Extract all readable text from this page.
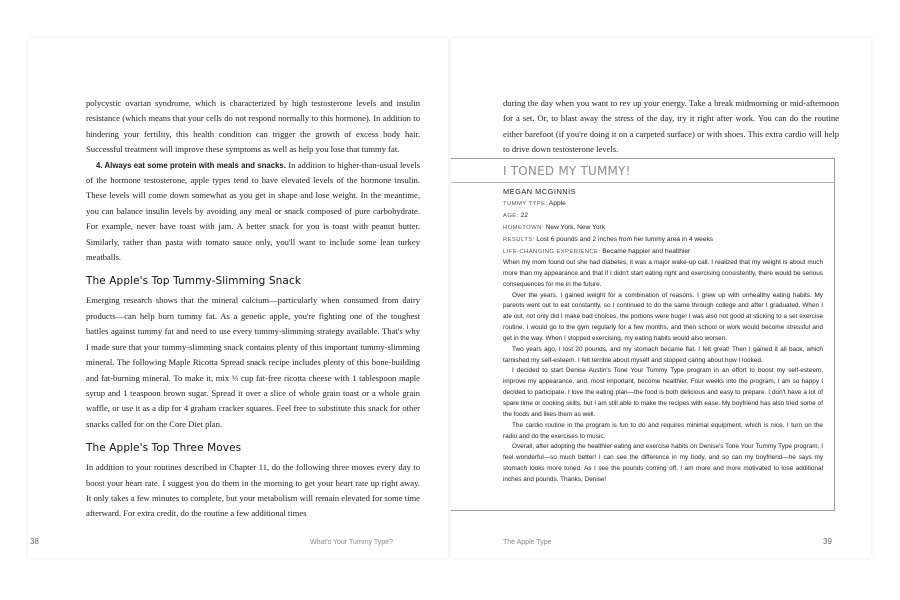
polycystic ovarian syndrome, which is characterized by high testosterone levels and insulin resistance (which means that your cells do not respond normally to this hormone). In addition to hindering your fertility, this health condition can trigger the growth of excess body hair. Successful treatment will improve these symptoms as well as help you lose that tummy fat.

4. Always eat some protein with meals and snacks. In addition to higher-than-usual levels of the hormone testosterone, apple types tend to have elevated levels of the hormone insulin. These levels will come down somewhat as you get in shape and lose weight. In the meantime, you can balance insulin levels by avoiding any meal or snack composed of pure carbohydrate. For example, never have toast with jam. A better snack for you is toast with peanut butter. Similarly, rather than pasta with tomato sauce only, you'll want to include some lean turkey meatballs.

The Apple's Top Tummy-Slimming Snack

Emerging research shows that the mineral calcium—particularly when consumed from dairy products—can help burn tummy fat. As a genetic apple, you're fighting one of the toughest battles against tummy fat and need to use every tummy-slimming strategy available. That's why I made sure that your tummy-slimming snack contains plenty of this important tummy-slimming mineral. The following Maple Ricotta Spread snack recipe includes plenty of this bone-building and fat-burning mineral. To make it, mix ⅓ cup fat-free ricotta cheese with 1 tablespoon maple syrup and 1 teaspoon brown sugar. Spread it over a slice of whole grain toast or a whole grain waffle, or use it as a dip for 4 graham cracker squares. Feel free to substitute this snack for other snacks called for on the Core Diet plan.

The Apple's Top Three Moves

In addition to your routines described in Chapter 11, do the following three moves every day to boost your heart rate. I suggest you do them in the morning to get your heart rate up right away. It only takes a few minutes to complete, but your metabolism will remain elevated for some time afterward. For extra credit, do the routine a few additional times

38	What's Your Tummy Type?

during the day when you want to rev up your energy. Take a break midmorning or mid-afternoon for a set. Or, to blast away the stress of the day, try it right after work. You can do the routine either barefoot (if you're doing it on a carpeted surface) or with shoes. This extra cardio will help to drive down testosterone levels.

I TONED MY TUMMY!
MEGAN MCGINNIS
TUMMY TYPE: Apple
AGE: 22
HOMETOWN: New York, New York
RESULTS: Lost 6 pounds and 2 inches from her tummy area in 4 weeks
LIFE-CHANGING EXPERIENCE: Became happier and healthier

When my mom found out she had diabetes, it was a major wake-up call. I realized that my weight is about much more than my appearance and that if I didn't start eating right and exercising consistently, there would be serious consequences for me in the future.

Over the years, I gained weight for a combination of reasons. I grew up with unhealthy eating habits. My parents went out to eat constantly, so I continued to do the same through college and after I graduated. When I ate out, not only did I make bad choices, the portions were huge! I was also not good at sticking to a set exercise routine. I would go to the gym regularly for a few months, and then school or work would become stressful and get in the way. When I stopped exercising, my eating habits would also worsen.

Two years ago, I lost 20 pounds, and my stomach became flat. I felt great! Then I gained it all back, which tarnished my self-esteem. I felt terrible about myself and stopped caring about how I looked.

I decided to start Denise Austin's Tone Your Tummy Type program in an effort to boost my self-esteem, improve my appearance, and, most important, become healthier. Four weeks into the program, I am so happy I decided to participate. I love the eating plan—the food is both delicious and easy to prepare. I don't have a lot of spare time or cooking skills, but I am still able to make the recipes with ease. My boyfriend has also tried some of the foods and likes them as well.

The cardio routine in the program is fun to do and requires minimal equipment, which is nice. I turn on the radio and do the exercises to music.

Overall, after adopting the healthier eating and exercise habits on Denise's Tone Your Tummy Type program, I feel wonderful—so much better! I can see the difference in my body, and so can my boyfriend—he says my stomach looks more toned. As I see the pounds coming off, I am more and more motivated to lose additional inches and pounds. Thanks, Denise!

The Apple Type	39
